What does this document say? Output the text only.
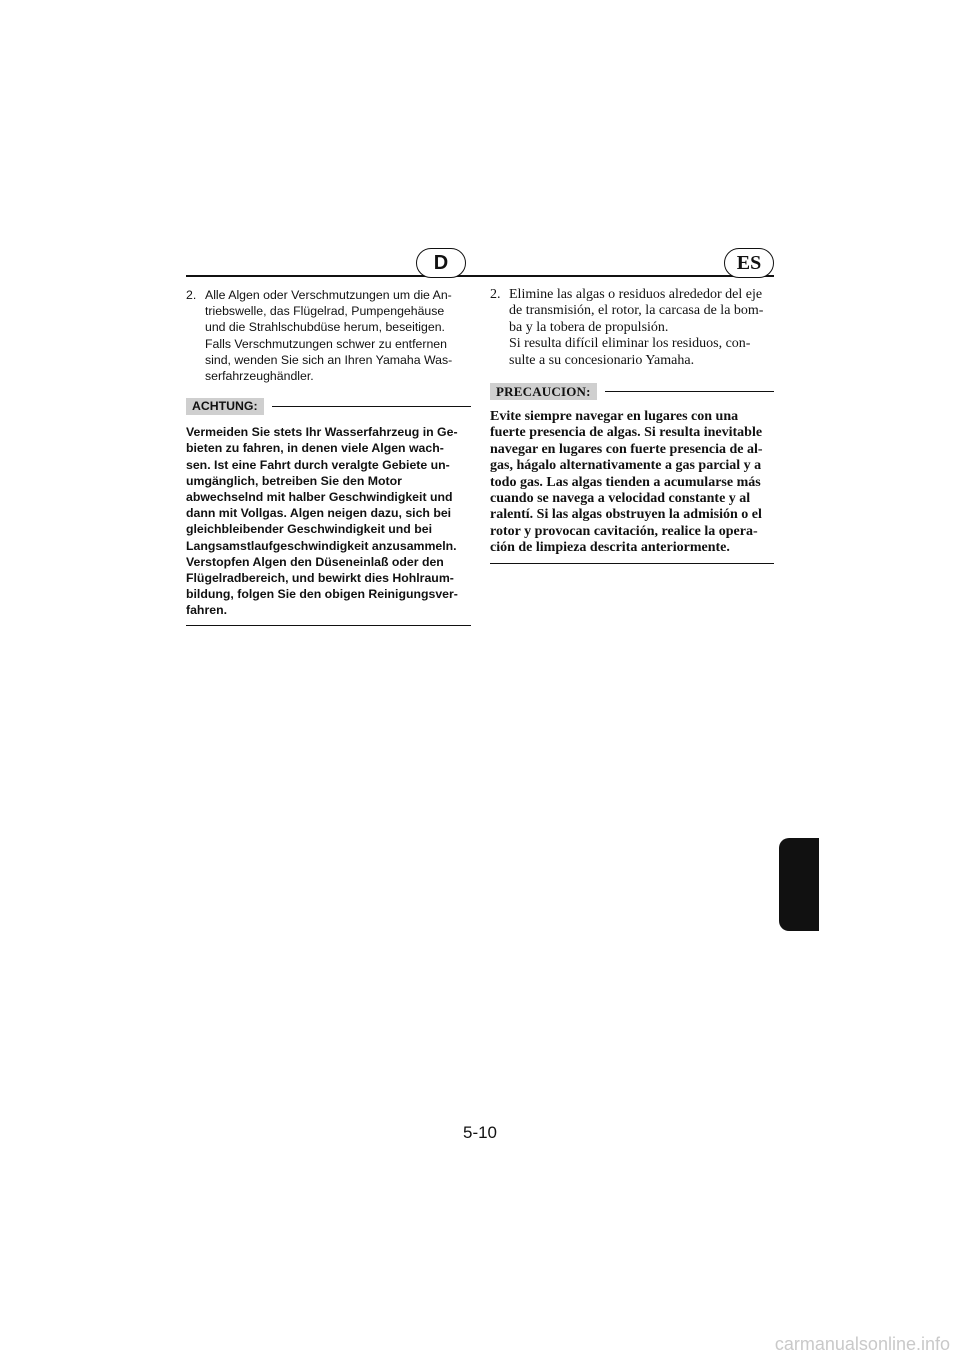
D	ES
2. Alle Algen oder Verschmutzungen um die An-
triebswelle, das Flügelrad, Pumpengehäuse
und die Strahlschubdüse herum, beseitigen.
Falls Verschmutzungen schwer zu entfernen
sind, wenden Sie sich an Ihren Yamaha Was-
serfahrzeughändler.

ACHTUNG:

Vermeiden Sie stets Ihr Wasserfahrzeug in Ge-
bieten zu fahren, in denen viele Algen wach-
sen. Ist eine Fahrt durch veralgte Gebiete un-
umgänglich, betreiben Sie den Motor
abwechselnd mit halber Geschwindigkeit und
dann mit Vollgas. Algen neigen dazu, sich bei
gleichbleibender Geschwindigkeit und bei
Langsamstlaufgeschwindigkeit anzusammeln.
Verstopfen Algen den Düseneinlaß oder den
Flügelradbereich, und bewirkt dies Hohlraum-
bildung, folgen Sie den obigen Reinigungsver-
fahren.

2. Elimine las algas o residuos alrededor del eje
de transmisión, el rotor, la carcasa de la bom-
ba y la tobera de propulsión.
Si resulta difícil eliminar los residuos, con-
sulte a su concesionario Yamaha.

PRECAUCION:

Evite siempre navegar en lugares con una
fuerte presencia de algas. Si resulta inevitable
navegar en lugares con fuerte presencia de al-
gas, hágalo alternativamente a gas parcial y a
todo gas. Las algas tienden a acumularse más
cuando se navega a velocidad constante y al
ralentí. Si las algas obstruyen la admisión o el
rotor y provocan cavitación, realice la opera-
ción de limpieza descrita anteriormente.

5-10
carmanualsonline.info
